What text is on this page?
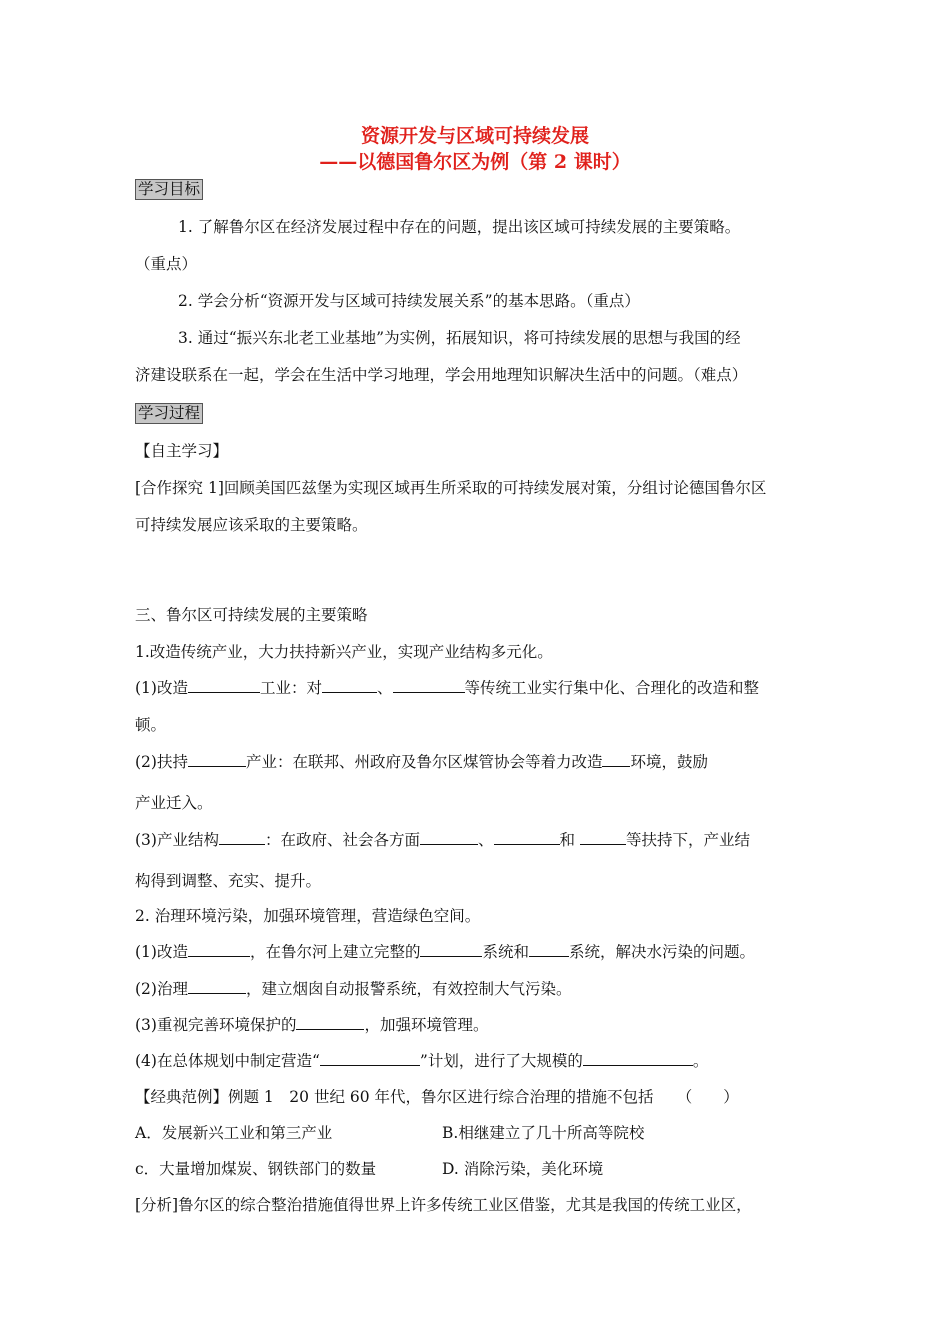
资源开发与区域可持续发展
——以德国鲁尔区为例（第 2 课时）
学习目标
1. 了解鲁尔区在经济发展过程中存在的问题，提出该区域可持续发展的主要策略。
（重点）
2. 学会分析“资源开发与区域可持续发展关系”的基本思路。（重点）
3. 通过“振兴东北老工业基地”为实例，拓展知识，将可持续发展的思想与我国的经
济建设联系在一起，学会在生活中学习地理，学会用地理知识解决生活中的问题。（难点）
学习过程
【自主学习】
[合作探究 1]回顾美国匹兹堡为实现区域再生所采取的可持续发展对策，分组讨论德国鲁尔区
可持续发展应该采取的主要策略。
三、鲁尔区可持续发展的主要策略
1.改造传统产业，大力扶持新兴产业，实现产业结构多元化。
(1)改造	工业：对	、	等传统工业实行集中化、合理化的改造和整
顿。
(2)扶持	产业：在联邦、州政府及鲁尔区煤管协会等着力改造 环境，鼓励
产业迁入。
(3)产业结构	：在政府、社会各方面	、	和	等扶持下，产业结
构得到调整、充实、提升。
2. 治理环境污染，加强环境管理，营造绿色空间。
(1)改造	，在鲁尔河上建立完整的	系统和	系统，解决水污染的问题。
(2)治理	，建立烟囱自动报警系统，有效控制大气污染。
(3)重视完善环境保护的	，加强环境管理。
(4)在总体规划中制定营造“	”计划，进行了大规模的	。
【经典范例】例题 1　20 世纪 60 年代，鲁尔区进行综合治理的措施不包括　　（　　）
A．发展新兴工业和第三产业	B.相继建立了几十所高等院校
c．大量增加煤炭、钢铁部门的数量	D. 消除污染，美化环境
[分析]鲁尔区的综合整治措施值得世界上许多传统工业区借鉴，尤其是我国的传统工业区，
